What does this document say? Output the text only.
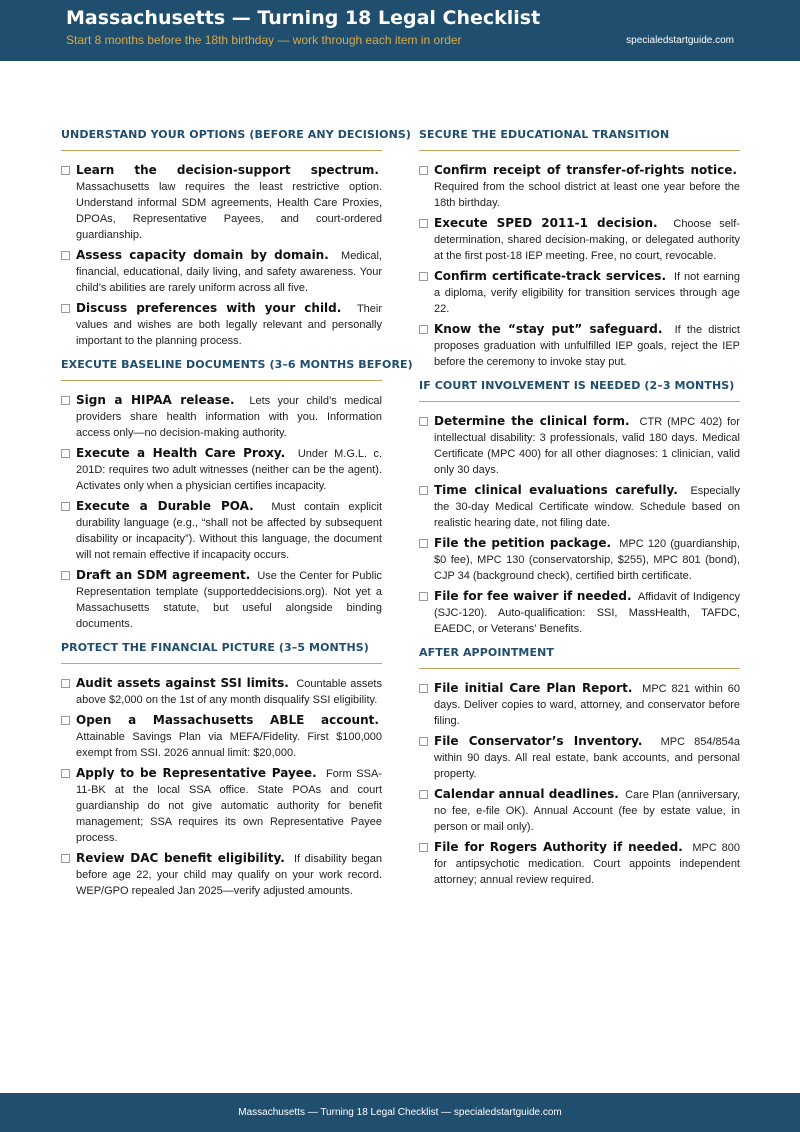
Massachusetts — Turning 18 Legal Checklist
Start 8 months before the 18th birthday — work through each item in order	specialedstartguide.com
UNDERSTAND YOUR OPTIONS (BEFORE ANY DECISIONS)
Learn the decision-support spectrum.  Massachusetts law requires the least restrictive option. Understand informal SDM agreements, Health Care Proxies, DPOAs, Representative Payees, and court-ordered guardianship.
Assess capacity domain by domain. Medical, financial, educational, daily living, and safety awareness. Your child’s abilities are rarely uniform across all five.
Discuss preferences with your child. Their values and wishes are both legally relevant and personally important to the planning process.
EXECUTE BASELINE DOCUMENTS (3–6 MONTHS BEFORE)
Sign a HIPAA release. Lets your child’s medical providers share health information with you. Information access only—no decision-making authority.
Execute a Health Care Proxy. Under M.G.L. c. 201D: requires two adult witnesses (neither can be the agent). Activates only when a physician certifies incapacity.
Execute a Durable POA. Must contain explicit durability language (e.g., “shall not be affected by subsequent disability or incapacity”). Without this language, the document will not remain effective if incapacity occurs.
Draft an SDM agreement. Use the Center for Public Representation template (supporteddecisions.org). Not yet a Massachusetts statute, but useful alongside binding documents.
PROTECT THE FINANCIAL PICTURE (3–5 MONTHS)
Audit assets against SSI limits. Countable assets above $2,000 on the 1st of any month disqualify SSI eligibility.
Open a Massachusetts ABLE account.  Attainable Savings Plan via MEFA/Fidelity. First $100,000 exempt from SSI. 2026 annual limit: $20,000.
Apply to be Representative Payee. Form SSA-11-BK at the local SSA office. State POAs and court guardianship do not give automatic authority for benefit management; SSA requires its own Representative Payee process.
Review DAC benefit eligibility. If disability began before age 22, your child may qualify on your work record. WEP/GPO repealed Jan 2025—verify adjusted amounts.
SECURE THE EDUCATIONAL TRANSITION
Confirm receipt of transfer-of-rights notice.  Required from the school district at least one year before the 18th birthday.
Execute SPED 2011-1 decision. Choose self-determination, shared decision-making, or delegated authority at the first post-18 IEP meeting. Free, no court, revocable.
Confirm certificate-track services. If not earning a diploma, verify eligibility for transition services through age 22.
Know the “stay put” safeguard. If the district proposes graduation with unfulfilled IEP goals, reject the IEP before the ceremony to invoke stay put.
IF COURT INVOLVEMENT IS NEEDED (2–3 MONTHS)
Determine the clinical form. CTR (MPC 402) for intellectual disability: 3 professionals, valid 180 days. Medical Certificate (MPC 400) for all other diagnoses: 1 clinician, valid only 30 days.
Time clinical evaluations carefully. Especially the 30-day Medical Certificate window. Schedule based on realistic hearing date, not filing date.
File the petition package. MPC 120 (guardianship, $0 fee), MPC 130 (conservatorship, $255), MPC 801 (bond), CJP 34 (background check), certified birth certificate.
File for fee waiver if needed. Affidavit of Indigency (SJC-120). Auto-qualification: SSI, MassHealth, TAFDC, EAEDC, or Veterans’ Benefits.
AFTER APPOINTMENT
File initial Care Plan Report. MPC 821 within 60 days. Deliver copies to ward, attorney, and conservator before filing.
File Conservator’s Inventory. MPC 854/854a within 90 days. All real estate, bank accounts, and personal property.
Calendar annual deadlines. Care Plan (anniversary, no fee, e-file OK). Annual Account (fee by estate value, in person or mail only).
File for Rogers Authority if needed. MPC 800 for antipsychotic medication. Court appoints independent attorney; annual review required.
Massachusetts — Turning 18 Legal Checklist — specialedstartguide.com
